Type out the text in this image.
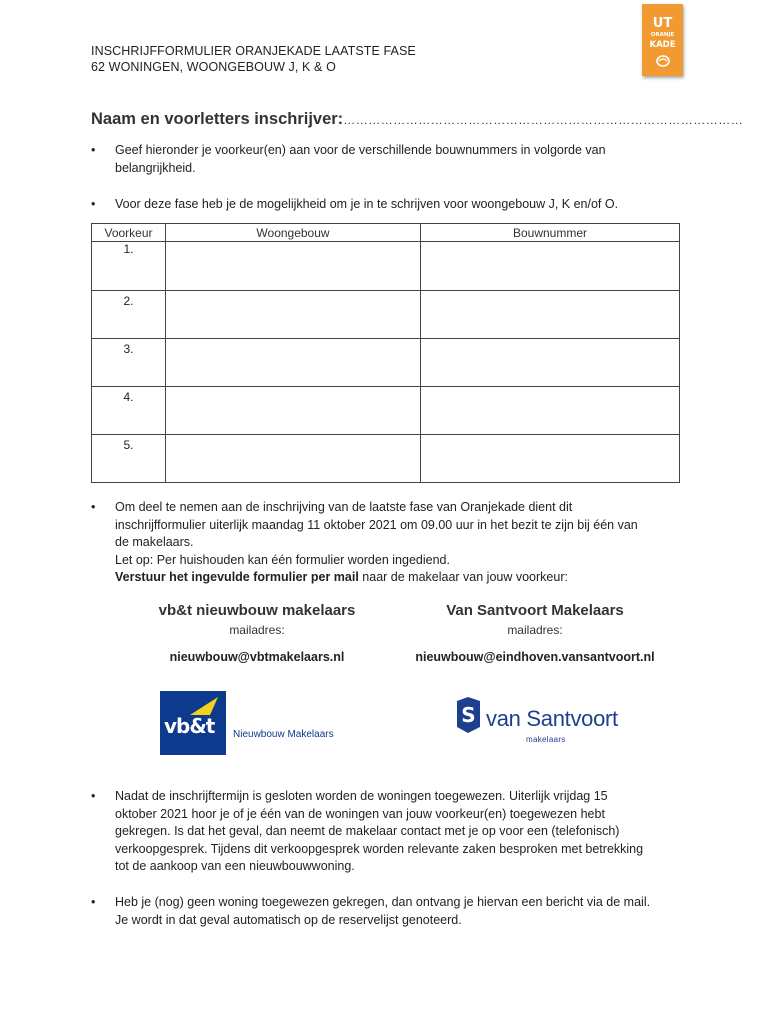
INSCHRIJFFORMULIER ORANJEKADE LAATSTE FASE
62 WONINGEN, WOONGEBOUW J, K & O
UT
ORANJE
KADE
Naam en voorletters inschrijver:……………………………………………………………………………………
• Geef hieronder je voorkeur(en) aan voor de verschillende bouwnummers in volgorde van
belangrijkheid.
• Voor deze fase heb je de mogelijkheid om je in te schrijven voor woongebouw J, K en/of O.
Voorkeur	Woongebouw	Bouwnummer
1.		
2.		
3.		
4.		
5.		
• Om deel te nemen aan de inschrijving van de laatste fase van Oranjekade dient dit
inschrijfformulier uiterlijk maandag 11 oktober 2021 om 09.00 uur in het bezit te zijn bij één van
de makelaars.
Let op: Per huishouden kan één formulier worden ingediend.
Verstuur het ingevulde formulier per mail naar de makelaar van jouw voorkeur:
vb&t nieuwbouw makelaars
mailadres:
nieuwbouw@vbtmakelaars.nl
Van Santvoort Makelaars
mailadres:
nieuwbouw@eindhoven.vansantvoort.nl
vb&t Nieuwbouw Makelaars
S van Santvoort
makelaars
• Nadat de inschrijftermijn is gesloten worden de woningen toegewezen. Uiterlijk vrijdag 15
oktober 2021 hoor je of je één van de woningen van jouw voorkeur(en) toegewezen hebt
gekregen. Is dat het geval, dan neemt de makelaar contact met je op voor een (telefonisch)
verkoopgesprek. Tijdens dit verkoopgesprek worden relevante zaken besproken met betrekking
tot de aankoop van een nieuwbouwwoning.
• Heb je (nog) geen woning toegewezen gekregen, dan ontvang je hiervan een bericht via de mail.
Je wordt in dat geval automatisch op de reservelijst genoteerd.
